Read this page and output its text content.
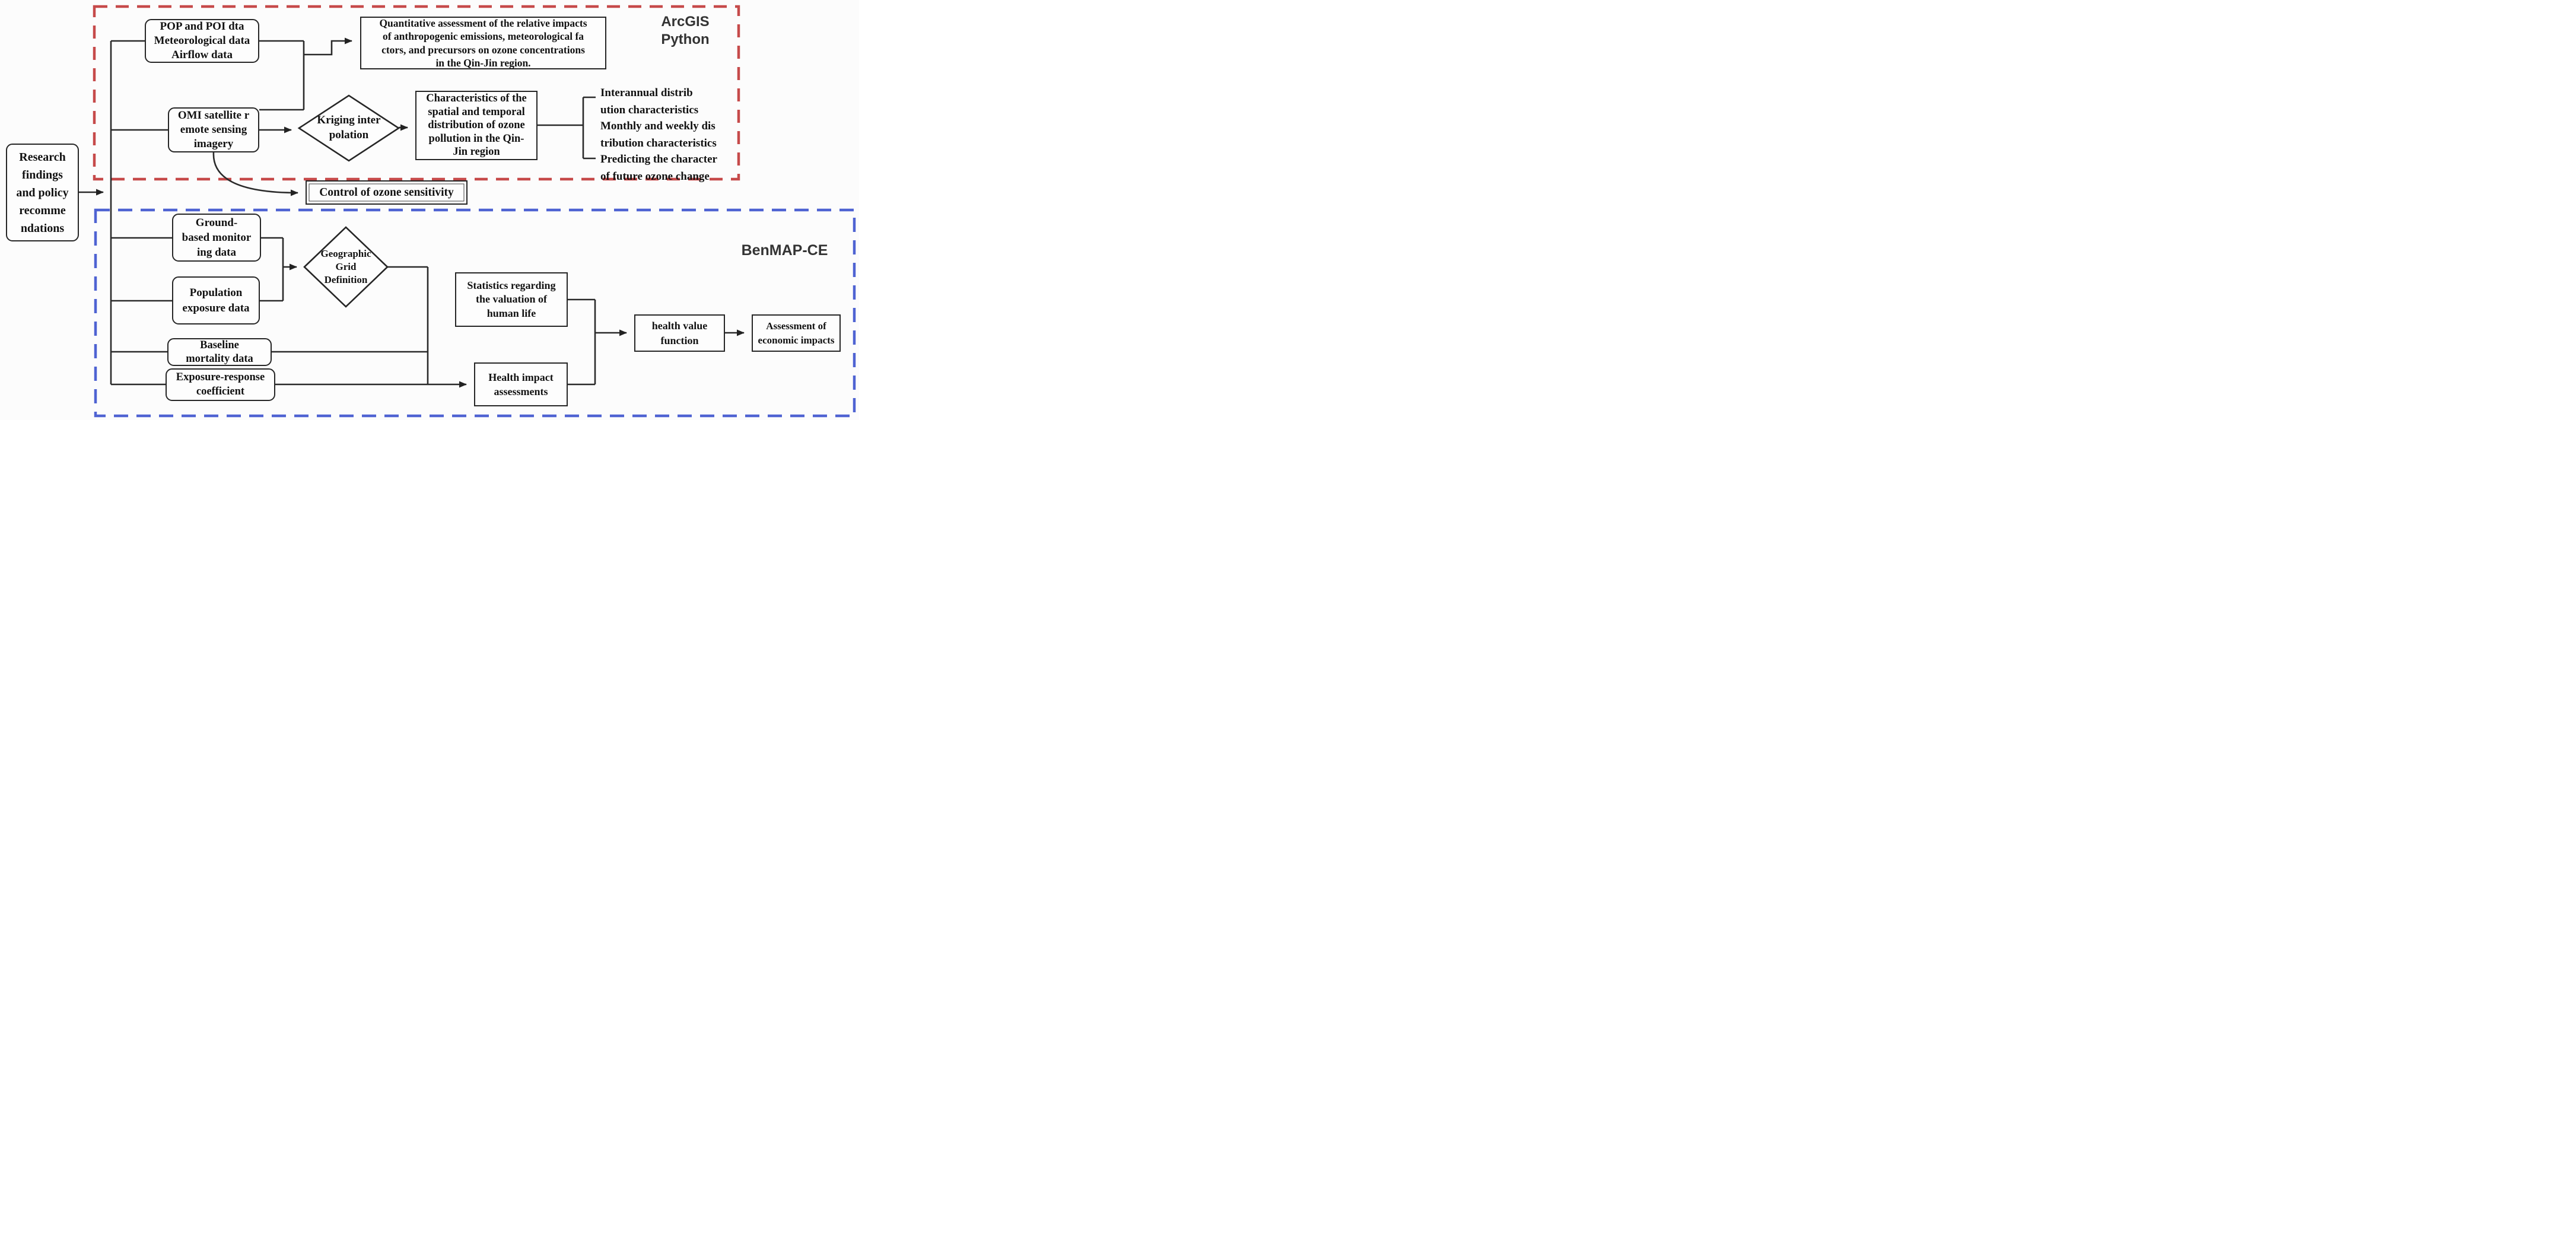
Research
findings
and policy
recomme
ndations
POP and POI dta
Meteorological data
Airflow data
OMI satellite r
emote sensing
imagery
Quantitative assessment of the relative impacts
of anthropogenic emissions, meteorological fa
ctors, and precursors on ozone concentrations
in the Qin-Jin region.
Kriging inter
polation
Characteristics of the
spatial and temporal
distribution of ozone
pollution in the Qin-
Jin region
Interannual distrib
ution characteristics
Monthly and weekly dis
tribution characteristics
Predicting the character
of future ozone change
ArcGIS
Python
Control of ozone sensitivity
Ground-
based monitor
ing data
Population
exposure data
Geographic
Grid
Definition
Baseline
mortality data
Exposure-response
coefficient
Statistics regarding
the valuation of
human life
Health impact
assessments
health value
function
Assessment of
economic impacts
BenMAP-CE
